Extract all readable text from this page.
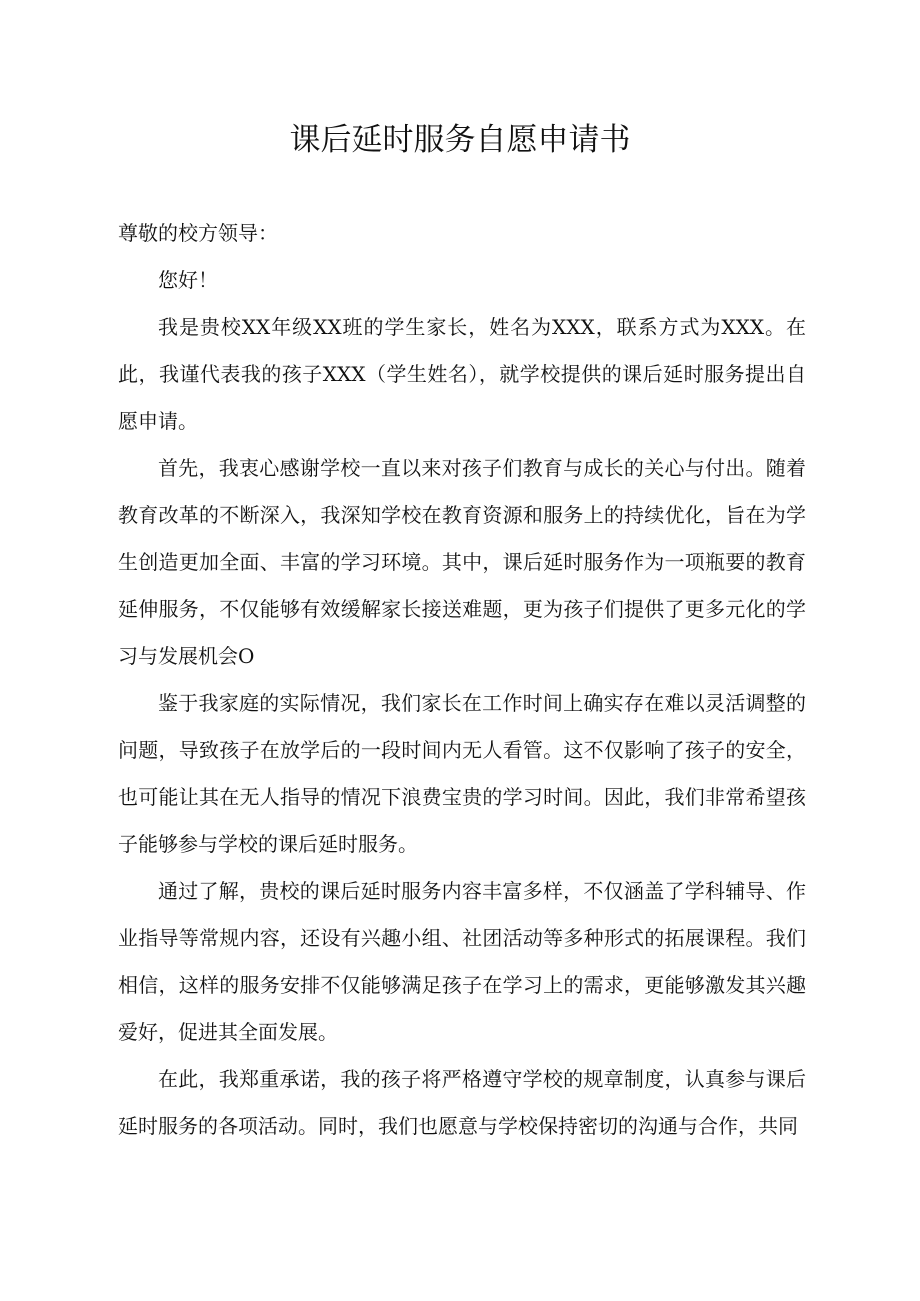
课后延时服务自愿申请书

尊敬的校方领导：

您好！

我是贵校XX年级XX班的学生家长，姓名为XXX，联系方式为XXX。在此，我谨代表我的孩子XXX（学生姓名），就学校提供的课后延时服务提出自愿申请。

首先，我衷心感谢学校一直以来对孩子们教育与成长的关心与付出。随着教育改革的不断深入，我深知学校在教育资源和服务上的持续优化，旨在为学生创造更加全面、丰富的学习环境。其中，课后延时服务作为一项瓶要的教育延伸服务，不仅能够有效缓解家长接送难题，更为孩子们提供了更多元化的学习与发展机会O

鉴于我家庭的实际情况，我们家长在工作时间上确实存在难以灵活调整的问题，导致孩子在放学后的一段时间内无人看管。这不仅影响了孩子的安全，也可能让其在无人指导的情况下浪费宝贵的学习时间。因此，我们非常希望孩子能够参与学校的课后延时服务。

通过了解，贵校的课后延时服务内容丰富多样，不仅涵盖了学科辅导、作业指导等常规内容，还设有兴趣小组、社团活动等多种形式的拓展课程。我们相信，这样的服务安排不仅能够满足孩子在学习上的需求，更能够激发其兴趣爱好，促进其全面发展。

在此，我郑重承诺，我的孩子将严格遵守学校的规章制度，认真参与课后延时服务的各项活动。同时，我们也愿意与学校保持密切的沟通与合作，共同
